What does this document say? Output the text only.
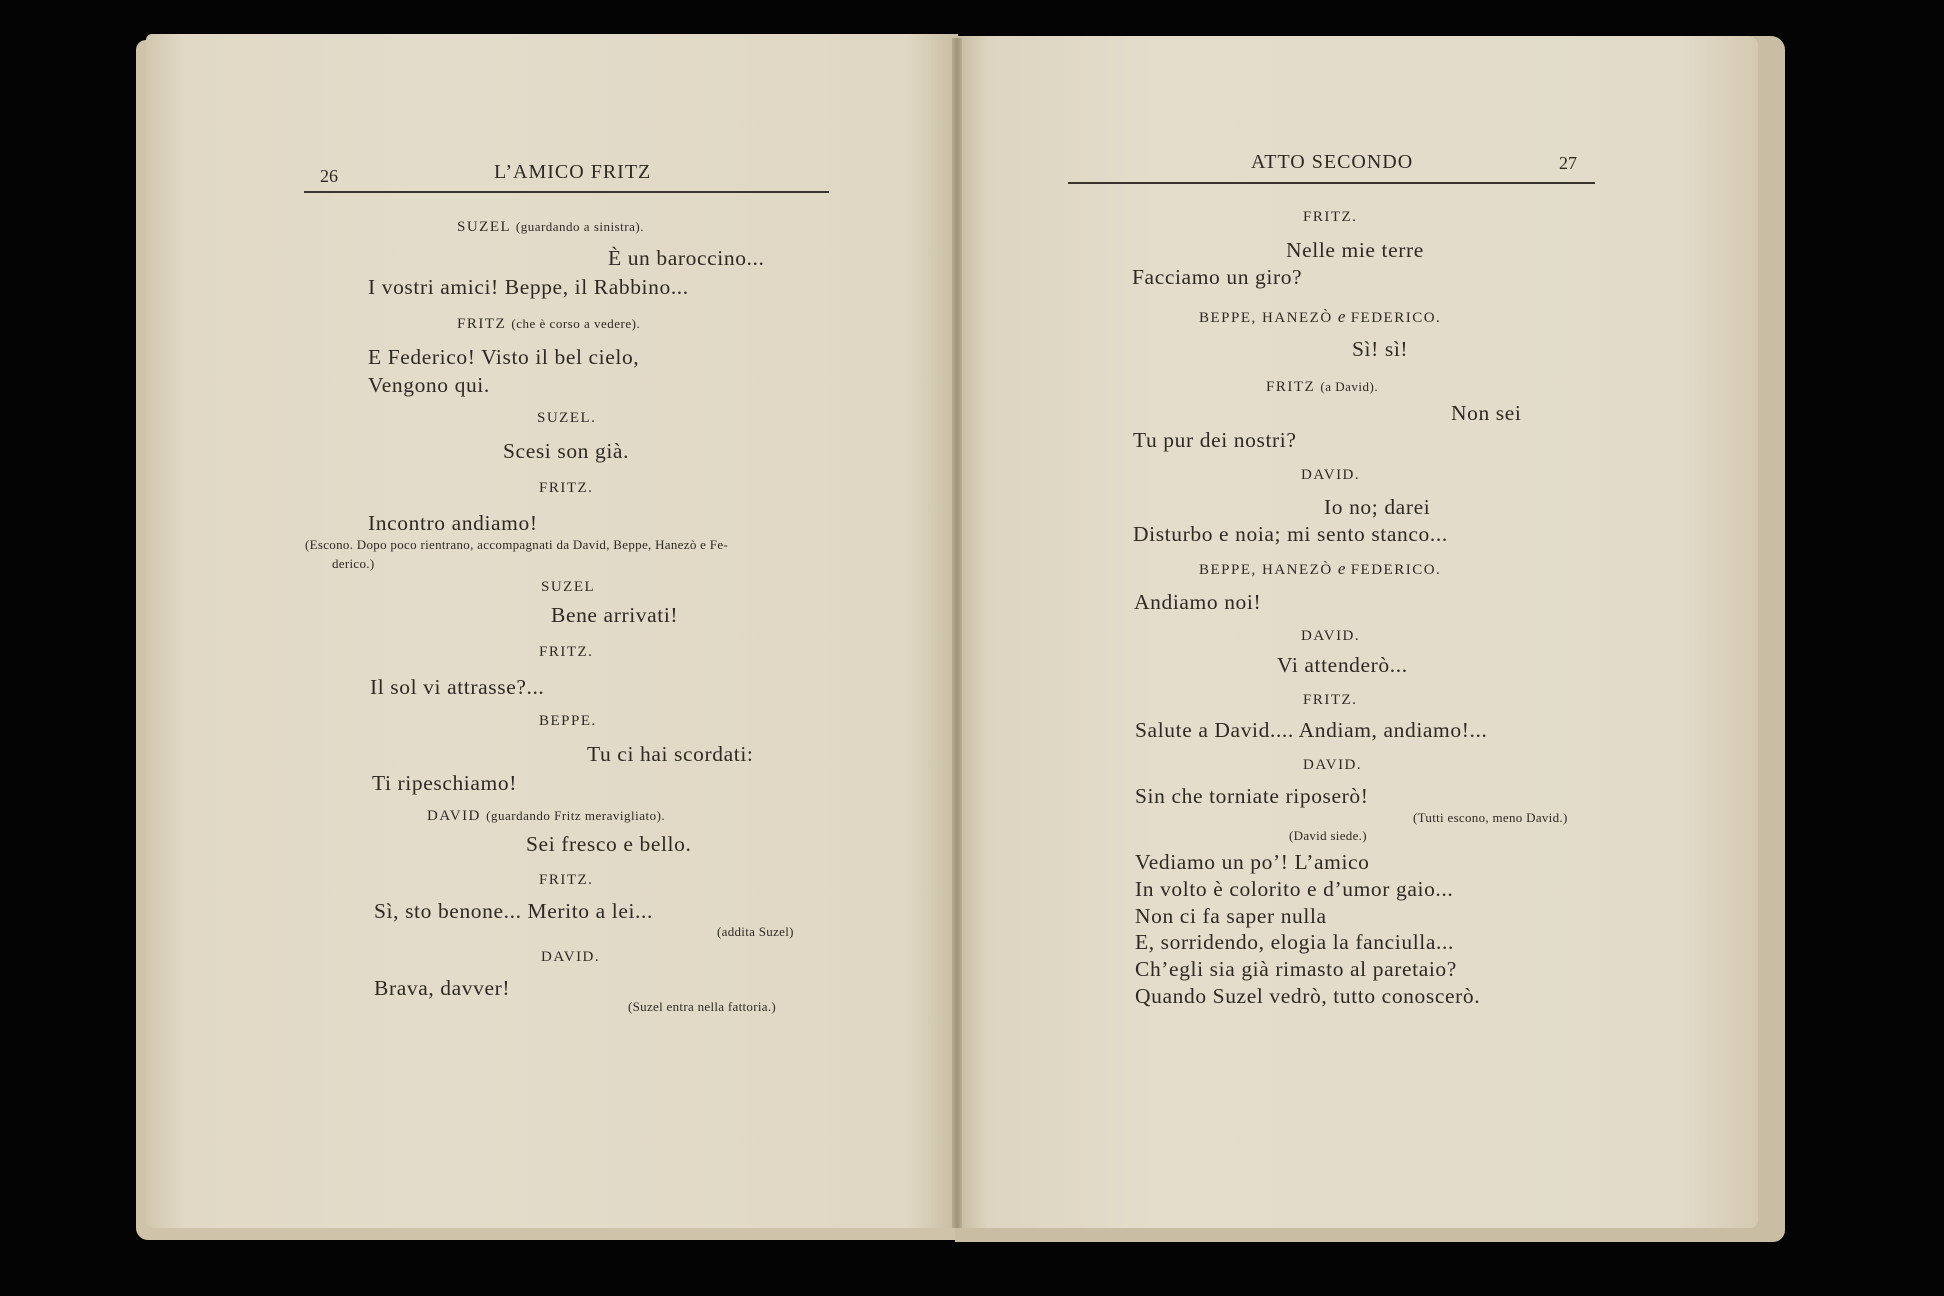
26	L’AMICO FRITZ
SUZEL (guardando a sinistra).
È un baroccino...
I vostri amici! Beppe, il Rabbino...
FRITZ (che è corso a vedere).
E Federico! Visto il bel cielo,
Vengono qui.
SUZEL.
Scesi son già.
FRITZ.
Incontro andiamo!
(Escono. Dopo poco rientrano, accompagnati da David, Beppe, Hanezò e Fe-
derico.)
SUZEL
Bene arrivati!
FRITZ.
Il sol vi attrasse?...
BEPPE.
Tu ci hai scordati:
Ti ripeschiamo!
DAVID (guardando Fritz meravigliato).
Sei fresco e bello.
FRITZ.
Sì, sto benone... Merito a lei...
(addita Suzel)
DAVID.
Brava, davver!
(Suzel entra nella fattoria.)
ATTO SECONDO	27
FRITZ.
Nelle mie terre
Facciamo un giro?
BEPPE, HANEZÒ e FEDERICO.
Sì! sì!
FRITZ (a David).
Non sei
Tu pur dei nostri?
DAVID.
Io no; darei
Disturbo e noia; mi sento stanco...
BEPPE, HANEZÒ e FEDERICO.
Andiamo noi!
DAVID.
Vi attenderò...
FRITZ.
Salute a David.... Andiam, andiamo!...
DAVID.
Sin che torniate riposerò!
(Tutti escono, meno David.)
(David siede.)
Vediamo un po’! L’amico
In volto è colorito e d’umor gaio...
Non ci fa saper nulla
E, sorridendo, elogia la fanciulla...
Ch’egli sia già rimasto al paretaio?
Quando Suzel vedrò, tutto conoscerò.
